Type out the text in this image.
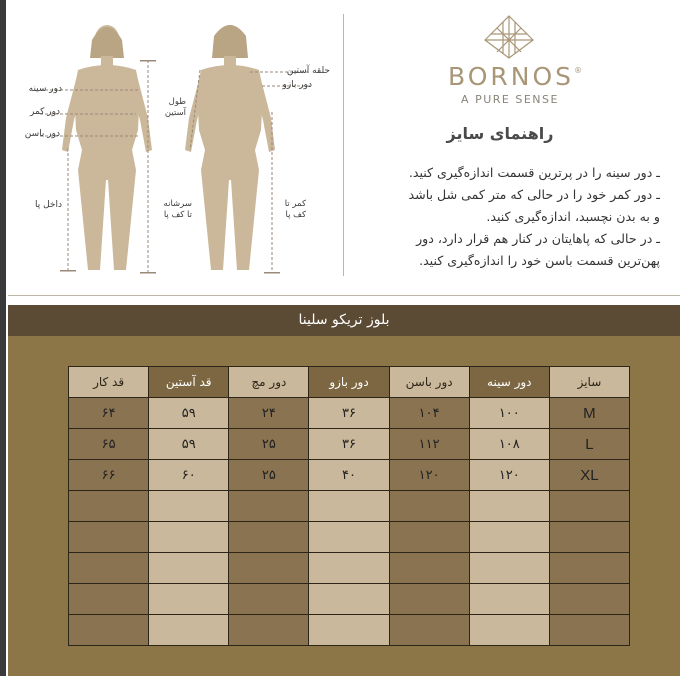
دور سینه
دور کمر
دور باسن
داخل پا	سرشانه
تا کف پا
حلقه آستین
دور بازو
طول
آستین
کمر تا
کف پا
BORNOS®
A PURE SENSE
راهنمای سایز

ـ دور سینه را در پرترین قسمت اندازه‌گیری کنید.

ـ دور کمر خود را در حالی که متر کمی شل باشد

و به بدن نچسبد، اندازه‌گیری کنید.

ـ در حالی که پاهایتان در کنار هم قرار دارد، دور

پهن‌ترین قسمت باسن خود را اندازه‌گیری کنید.

بلوز تریکو سلینا
سایز	دور سینه	دور باسن	دور بازو	دور مچ	قد آستین	قد کار
M	۱۰۰	۱۰۴	۳۶	۲۴	۵۹	۶۴
L	۱۰۸	۱۱۲	۳۶	۲۵	۵۹	۶۵
XL	۱۲۰	۱۲۰	۴۰	۲۵	۶۰	۶۶
